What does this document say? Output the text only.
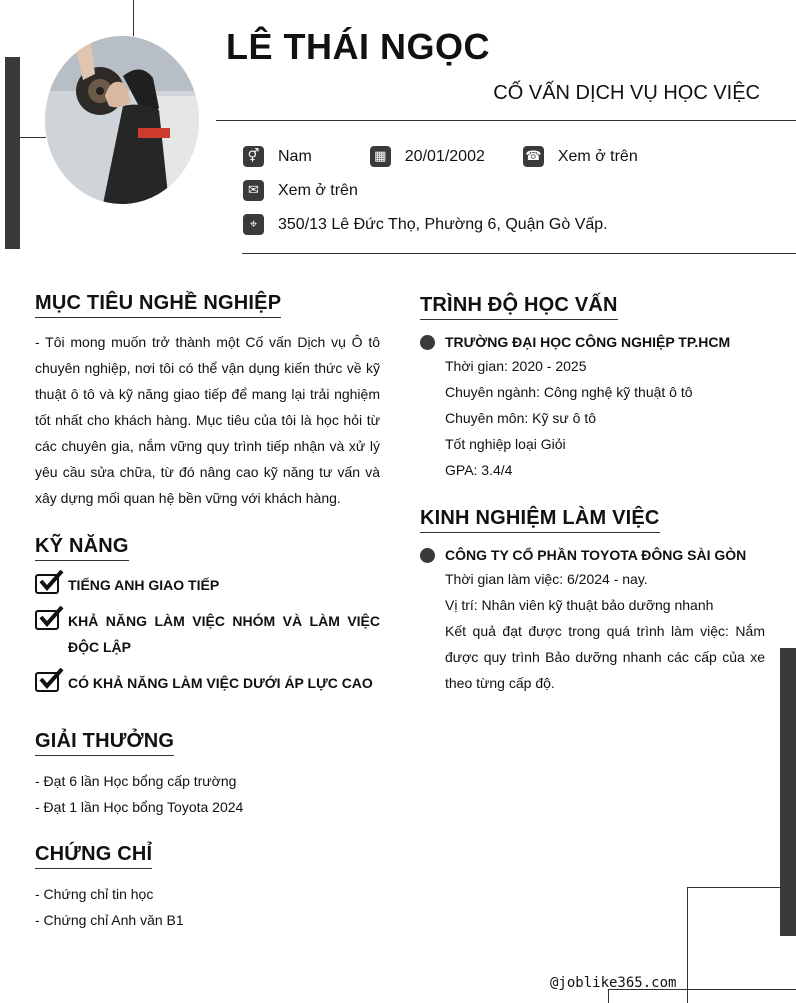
LÊ THÁI NGỌC
CỐ VẤN DỊCH VỤ HỌC VIỆC
⚥ Nam	▦ 20/01/2002	☎ Xem ở trên
✉	Xem ở trên
⌖	350/13 Lê Đức Thọ, Phường 6, Quận Gò Vấp.
MỤC TIÊU NGHỀ NGHIỆP
- Tôi mong muốn trở thành một Cố vấn Dịch vụ Ô tô
chuyên nghiệp, nơi tôi có thể vận dụng kiến thức về kỹ
thuật ô tô và kỹ năng giao tiếp để mang lại trải nghiệm
tốt nhất cho khách hàng. Mục tiêu của tôi là học hỏi từ
các chuyên gia, nắm vững quy trình tiếp nhận và xử lý
yêu cầu sửa chữa, từ đó nâng cao kỹ năng tư vấn và
xây dựng mối quan hệ bền vững với khách hàng.
KỸ NĂNG
TIẾNG ANH GIAO TIẾP
KHẢ NĂNG LÀM VIỆC NHÓM VÀ LÀM VIỆC ĐỘC LẬP
CÓ KHẢ NĂNG LÀM VIỆC DƯỚI ÁP LỰC CAO
GIẢI THƯỞNG
- Đạt 6 lần Học bổng cấp trường
- Đạt 1 lần Học bổng Toyota 2024
CHỨNG CHỈ
- Chứng chỉ tin học
- Chứng chỉ Anh văn B1
TRÌNH ĐỘ HỌC VẤN
TRƯỜNG ĐẠI HỌC CÔNG NGHIỆP TP.HCM
Thời gian: 2020 - 2025
Chuyên ngành: Công nghệ kỹ thuật ô tô
Chuyên môn: Kỹ sư ô tô
Tốt nghiệp loại Giỏi
GPA: 3.4/4
KINH NGHIỆM LÀM VIỆC
CÔNG TY CỔ PHẦN TOYOTA ĐÔNG SÀI GÒN
Thời gian làm việc: 6/2024 - nay.
Vị trí: Nhân viên kỹ thuật bảo dưỡng nhanh
Kết quả đạt được trong quá trình làm việc: Nắm
được quy trình Bảo dưỡng nhanh các cấp của xe
theo từng cấp độ.
@joblike365.com
